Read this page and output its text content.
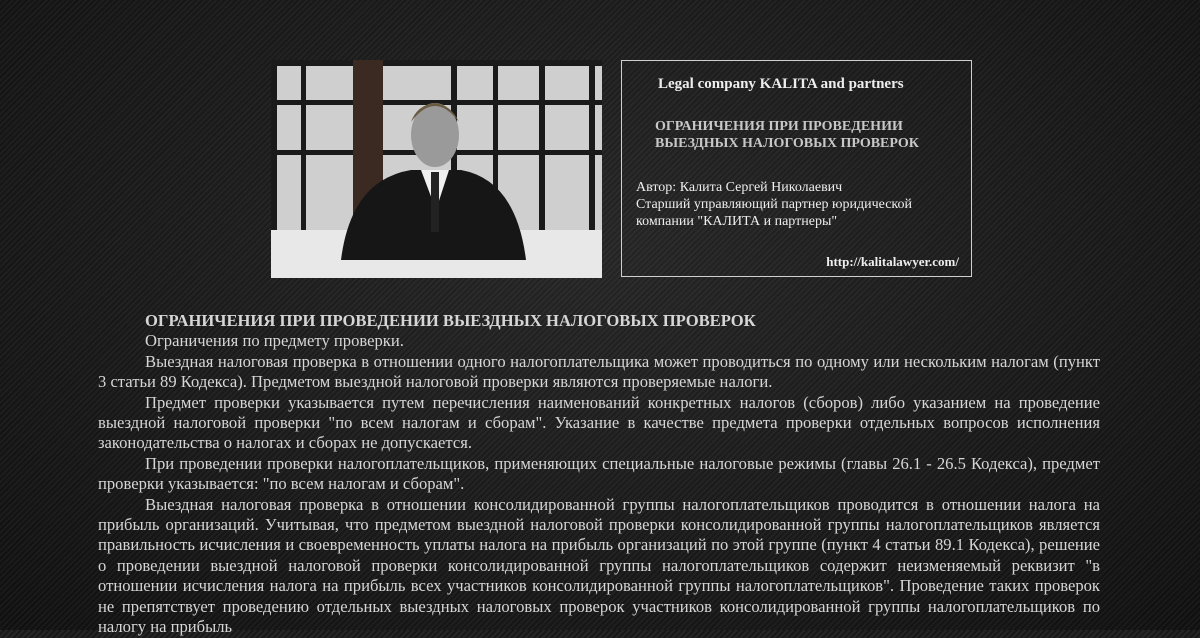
Legal company KALITA and partners
ОГРАНИЧЕНИЯ ПРИ ПРОВЕДЕНИИ
ВЫЕЗДНЫХ НАЛОГОВЫХ ПРОВЕРОК
Автор: Калита Сергей Николаевич
Старший управляющий партнер юридической
компании "КАЛИТА и партнеры"
http://kalitalawyer.com/
ОГРАНИЧЕНИЯ ПРИ ПРОВЕДЕНИИ ВЫЕЗДНЫХ НАЛОГОВЫХ ПРОВЕРОК

Ограничения по предмету проверки.

Выездная налоговая проверка в отношении одного налогоплательщика может проводиться по одному или нескольким налогам (пункт 3 статьи 89 Кодекса). Предметом выездной налоговой проверки являются проверяемые налоги.

Предмет проверки указывается путем перечисления наименований конкретных налогов (сборов) либо указанием на проведение выездной налоговой проверки "по всем налогам и сборам". Указание в качестве предмета проверки отдельных вопросов исполнения законодательства о налогах и сборах не допускается.

При проведении проверки налогоплательщиков, применяющих специальные налоговые режимы (главы 26.1 - 26.5 Кодекса), предмет проверки указывается: "по всем налогам и сборам".

Выездная налоговая проверка в отношении консолидированной группы налогоплательщиков проводится в отношении налога на прибыль организаций. Учитывая, что предметом выездной налоговой проверки консолидированной группы налогоплательщиков является правильность исчисления и своевременность уплаты налога на прибыль организаций по этой группе (пункт 4 статьи 89.1 Кодекса), решение о проведении выездной налоговой проверки консолидированной группы налогоплательщиков содержит неизменяемый реквизит "в отношении исчисления налога на прибыль всех участников консолидированной группы налогоплательщиков". Проведение таких проверок не препятствует проведению отдельных выездных налоговых проверок участников консолидированной группы налогоплательщиков по налогу на прибыль
